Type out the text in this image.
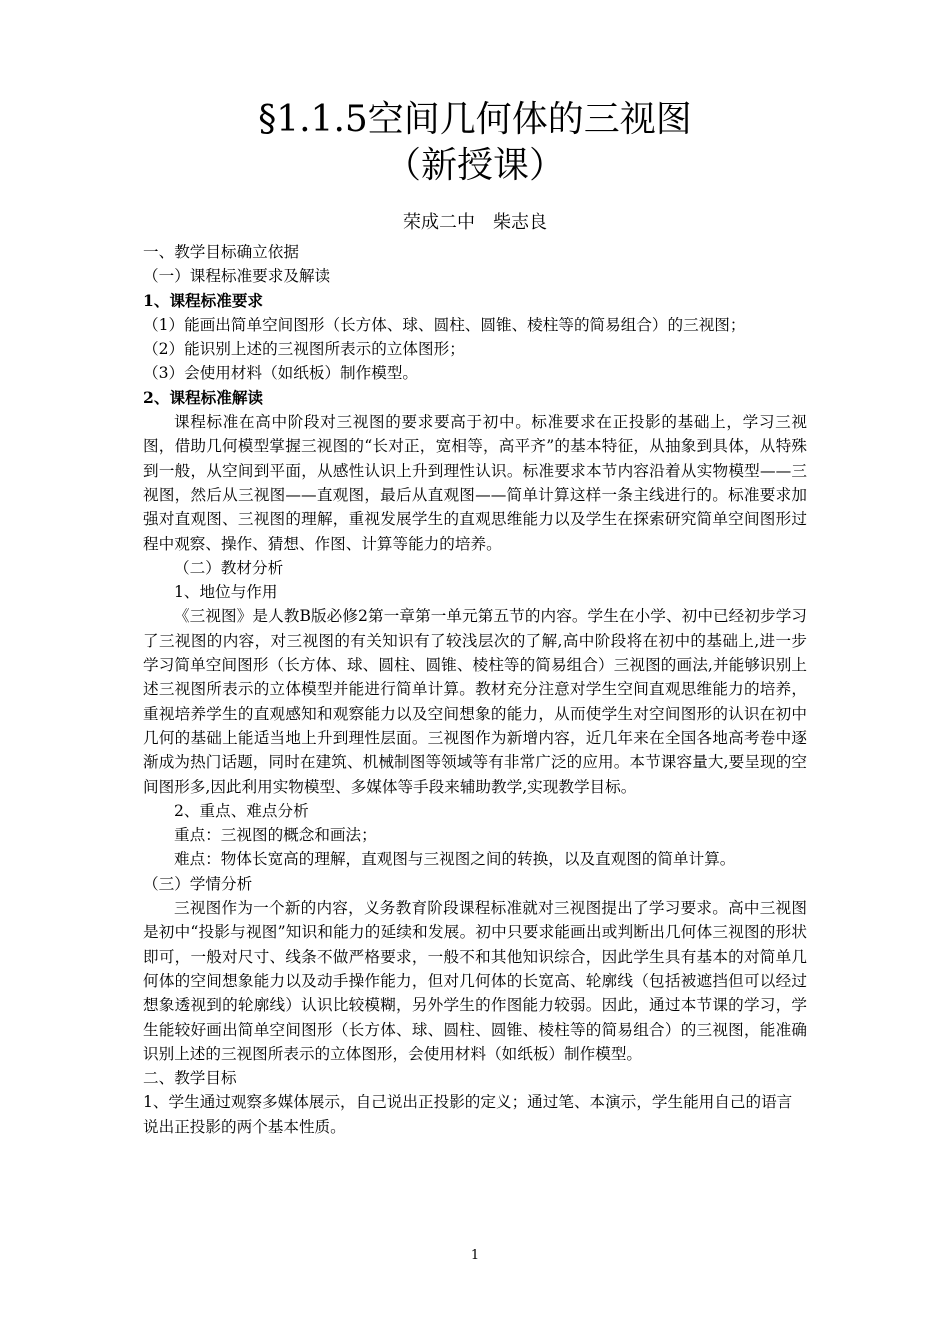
§1.1.5空间几何体的三视图
（新授课）
荣成二中　柴志良

一、教学目标确立依据

（一）课程标准要求及解读

1、课程标准要求

（1）能画出简单空间图形（长方体、球、圆柱、圆锥、棱柱等的简易组合）的三视图；

（2）能识别上述的三视图所表示的立体图形；

（3）会使用材料（如纸板）制作模型。

2、课程标准解读

课程标准在高中阶段对三视图的要求要高于初中。标准要求在正投影的基础上，学习三视图，借助几何模型掌握三视图的“长对正，宽相等，高平齐”的基本特征，从抽象到具体，从特殊到一般，从空间到平面，从感性认识上升到理性认识。标准要求本节内容沿着从实物模型——三视图，然后从三视图——直观图，最后从直观图——简单计算这样一条主线进行的。标准要求加强对直观图、三视图的理解，重视发展学生的直观思维能力以及学生在探索研究简单空间图形过程中观察、操作、猜想、作图、计算等能力的培养。

（二）教材分析

1、地位与作用

《三视图》是人教B版必修2第一章第一单元第五节的内容。学生在小学、初中已经初步学习了三视图的内容，对三视图的有关知识有了较浅层次的了解,高中阶段将在初中的基础上,进一步学习简单空间图形（长方体、球、圆柱、圆锥、棱柱等的简易组合）三视图的画法,并能够识别上述三视图所表示的立体模型并能进行简单计算。教材充分注意对学生空间直观思维能力的培养，重视培养学生的直观感知和观察能力以及空间想象的能力，从而使学生对空间图形的认识在初中几何的基础上能适当地上升到理性层面。三视图作为新增内容，近几年来在全国各地高考卷中逐渐成为热门话题，同时在建筑、机械制图等领域等有非常广泛的应用。本节课容量大,要呈现的空间图形多,因此利用实物模型、多媒体等手段来辅助教学,实现教学目标。

2、重点、难点分析

重点：三视图的概念和画法；

难点：物体长宽高的理解，直观图与三视图之间的转换，以及直观图的简单计算。

（三）学情分析

三视图作为一个新的内容，义务教育阶段课程标准就对三视图提出了学习要求。高中三视图是初中“投影与视图”知识和能力的延续和发展。初中只要求能画出或判断出几何体三视图的形状即可，一般对尺寸、线条不做严格要求，一般不和其他知识综合，因此学生具有基本的对简单几何体的空间想象能力以及动手操作能力，但对几何体的长宽高、轮廓线（包括被遮挡但可以经过想象透视到的轮廓线）认识比较模糊，另外学生的作图能力较弱。因此，通过本节课的学习，学生能较好画出简单空间图形（长方体、球、圆柱、圆锥、棱柱等的简易组合）的三视图，能准确识别上述的三视图所表示的立体图形，会使用材料（如纸板）制作模型。

二、教学目标

1、学生通过观察多媒体展示，自己说出正投影的定义；通过笔、本演示，学生能用自己的语言说出正投影的两个基本性质。

1
